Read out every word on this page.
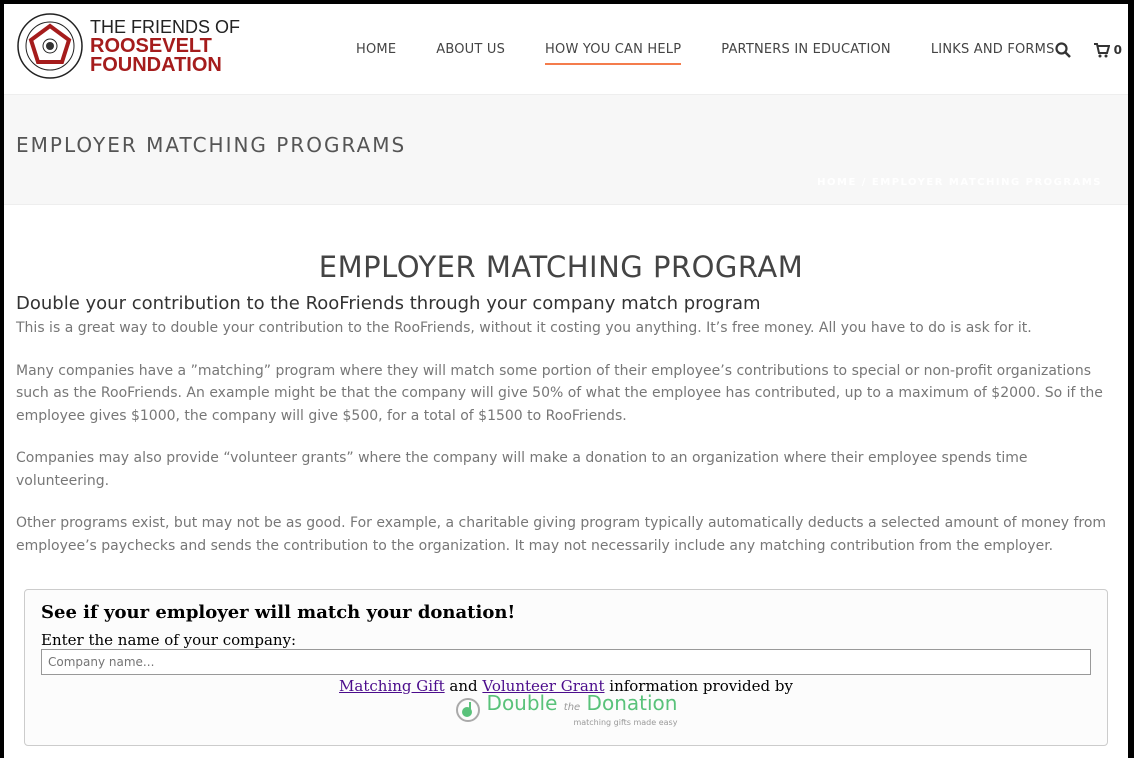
THE FRIENDS OF
ROOSEVELT
FOUNDATION
HOME	ABOUT US	HOW YOU CAN HELP	PARTNERS IN EDUCATION	LINKS AND FORMS	0
EMPLOYER MATCHING PROGRAMS
HOME / EMPLOYER MATCHING PROGRAMS
EMPLOYER MATCHING PROGRAM
Double your contribution to the RooFriends through your company match program

This is a great way to double your contribution to the RooFriends, without it costing you anything. It’s free money. All you have to do is ask for it.

Many companies have a ”matching” program where they will match some portion of their employee’s contributions to special or non-profit organizations such as the RooFriends. An example might be that the company will give 50% of what the employee has contributed, up to a maximum of $2000. So if the employee gives $1000, the company will give $500, for a total of $1500 to RooFriends.

Companies may also provide “volunteer grants” where the company will make a donation to an organization where their employee spends time volunteering.

Other programs exist, but may not be as good. For example, a charitable giving program typically automatically deducts a selected amount of money from employee’s paychecks and sends the contribution to the organization. It may not necessarily include any matching contribution from the employer.

See if your employer will match your donation!
Enter the name of your company:
Company name...
Matching Gift and Volunteer Grant information provided by
Double the Donation
matching gifts made easy
